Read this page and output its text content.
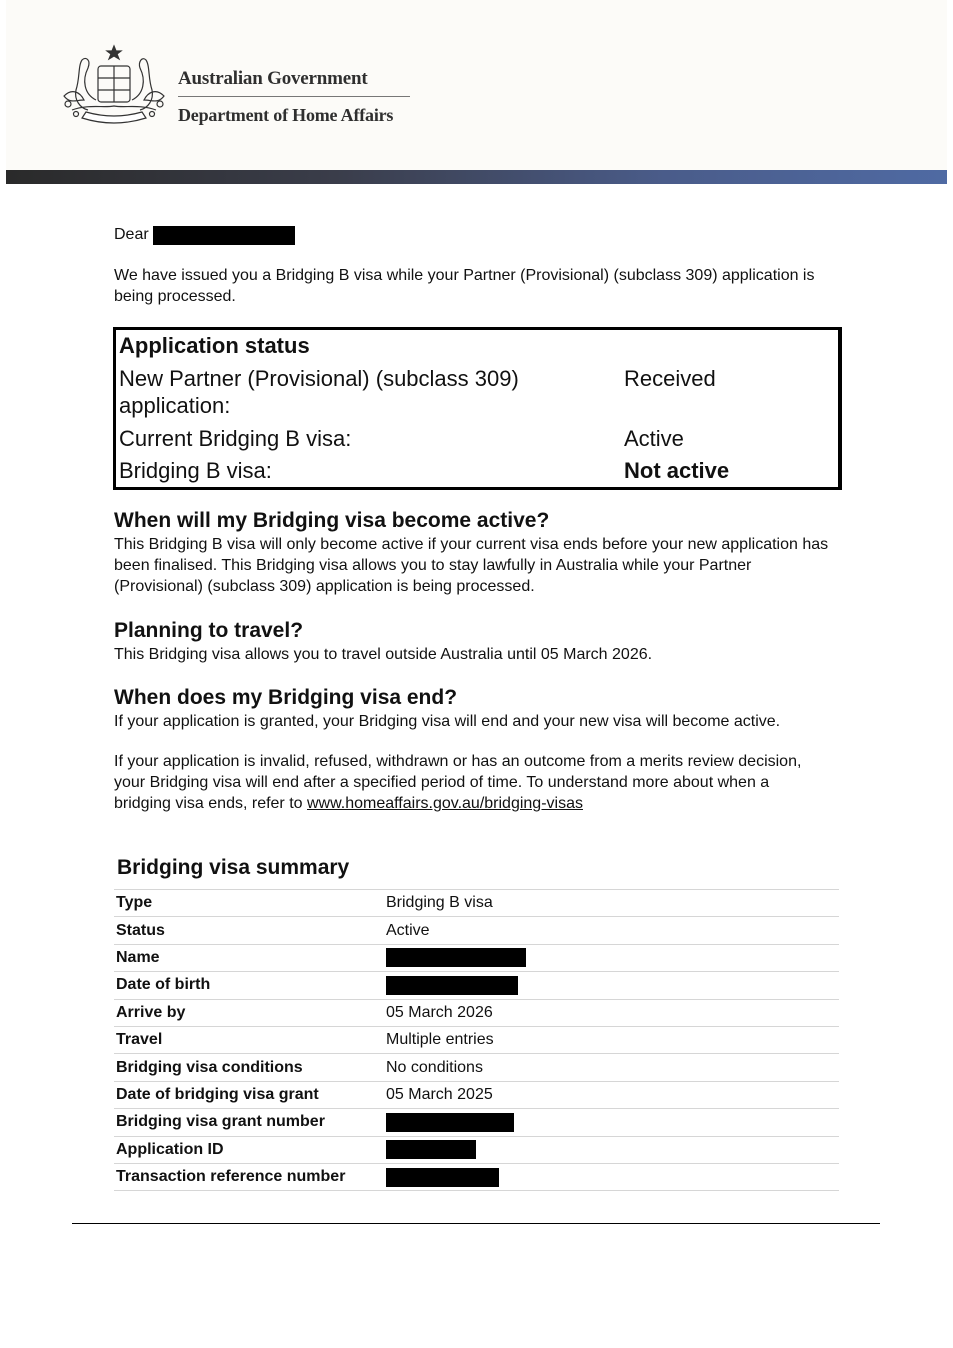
Australian Government
Department of Home Affairs
Dear

We have issued you a Bridging B visa while your Partner (Provisional) (subclass 309) application is being processed.

Application status
New Partner (Provisional) (subclass 309) application:
Received
Current Bridging B visa:	Active
Bridging B visa:	Not active
When will my Bridging visa become active?

This Bridging B visa will only become active if your current visa ends before your new application has been finalised. This Bridging visa allows you to stay lawfully in Australia while your Partner (Provisional) (subclass 309) application is being processed.

Planning to travel?

This Bridging visa allows you to travel outside Australia until 05 March 2026.

When does my Bridging visa end?

If your application is granted, your Bridging visa will end and your new visa will become active.

If your application is invalid, refused, withdrawn or has an outcome from a merits review decision, your Bridging visa will end after a specified period of time. To understand more about when a bridging visa ends, refer to www.homeaffairs.gov.au/bridging-visas

Bridging visa summary
Type	Bridging B visa
Status	Active
Name	
Date of birth	
Arrive by	05 March 2026
Travel	Multiple entries
Bridging visa conditions	No conditions
Date of bridging visa grant	05 March 2025
Bridging visa grant number	
Application ID	
Transaction reference number	
